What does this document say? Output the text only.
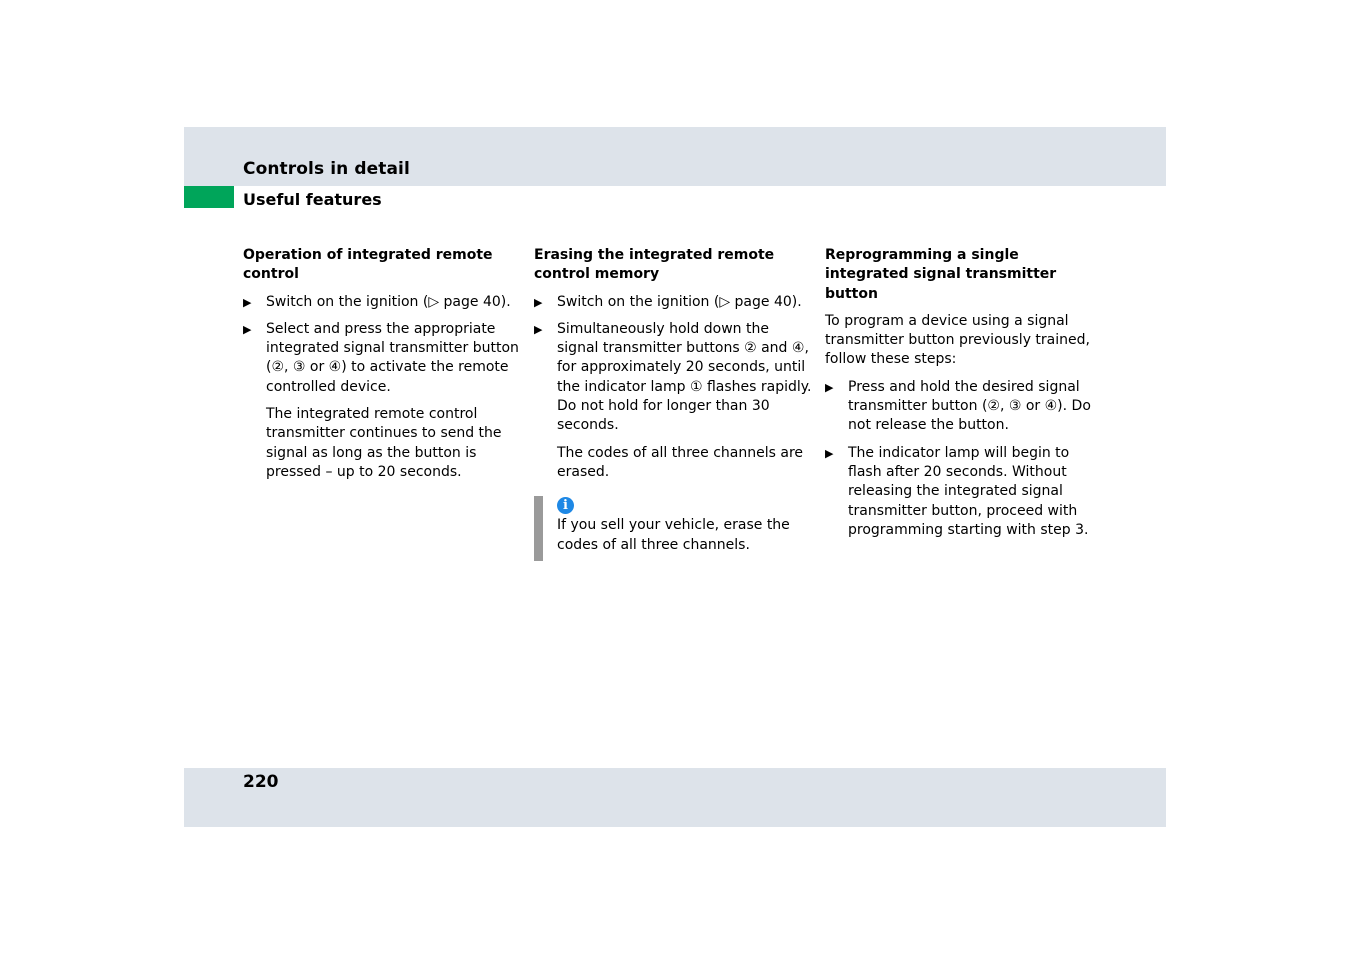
Controls in detail
Useful features
Operation of integrated remote control
▶ Switch on the ignition (▷ page 40).
▶ Select and press the appropriate integrated signal transmitter button (②, ③ or ④) to activate the remote controlled device.
The integrated remote control transmitter continues to send the signal as long as the button is pressed – up to 20 seconds.
Erasing the integrated remote control memory
▶ Switch on the ignition (▷ page 40).
▶ Simultaneously hold down the signal transmitter buttons ② and ④, for approximately 20 seconds, until the indicator lamp ① flashes rapidly. Do not hold for longer than 30 seconds.
The codes of all three channels are erased.
i
If you sell your vehicle, erase the codes of all three channels.
Reprogramming a single integrated signal transmitter button
To program a device using a signal transmitter button previously trained, follow these steps:
▶ Press and hold the desired signal transmitter button (②, ③ or ④). Do not release the button.
▶ The indicator lamp will begin to flash after 20 seconds. Without releasing the integrated signal transmitter button, proceed with programming starting with step 3.
220
